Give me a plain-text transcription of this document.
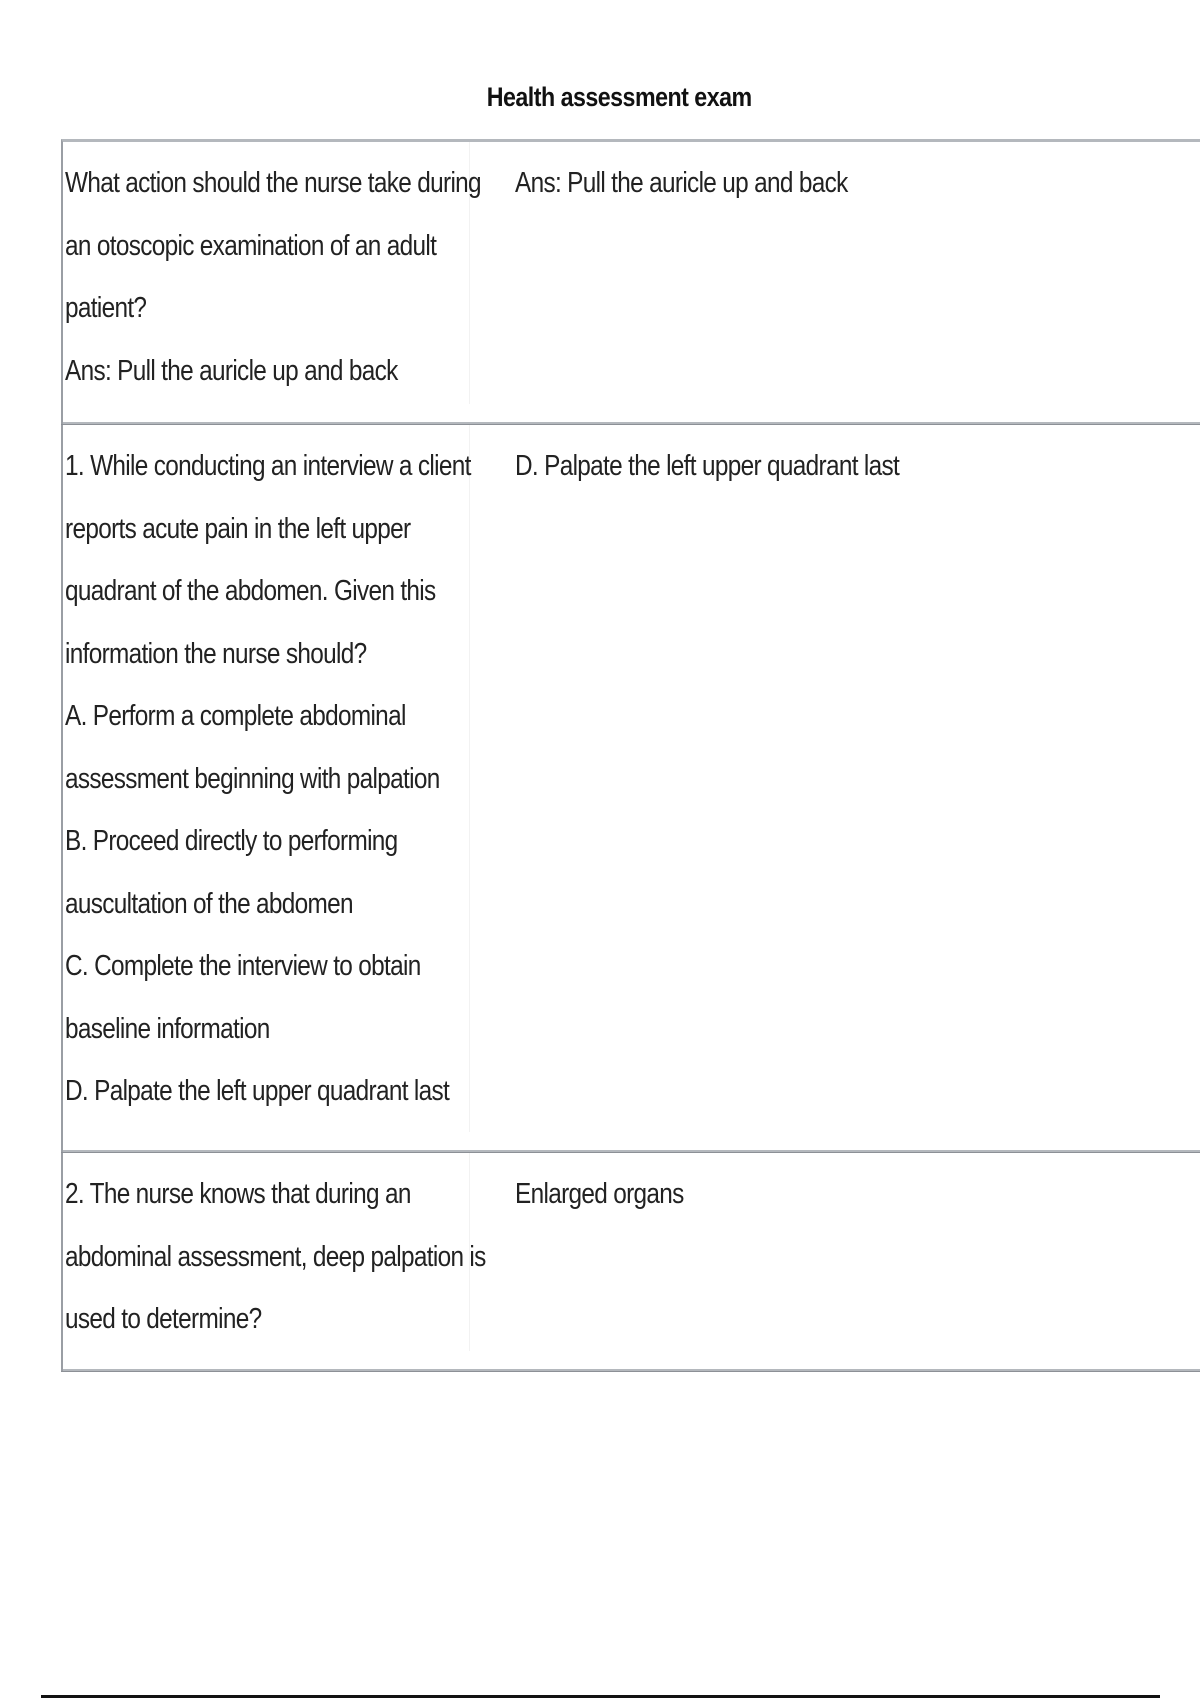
Health assessment exam
What action should the nurse take during
an otoscopic examination of an adult
patient?
Ans: Pull the auricle up and back
Ans: Pull the auricle up and back
1. While conducting an interview a client
reports acute pain in the left upper
quadrant of the abdomen. Given this
information the nurse should?
A. Perform a complete abdominal
assessment beginning with palpation
B. Proceed directly to performing
auscultation of the abdomen
C. Complete the interview to obtain
baseline information
D. Palpate the left upper quadrant last
D. Palpate the left upper quadrant last
2. The nurse knows that during an
abdominal assessment, deep palpation is
used to determine?
Enlarged organs
